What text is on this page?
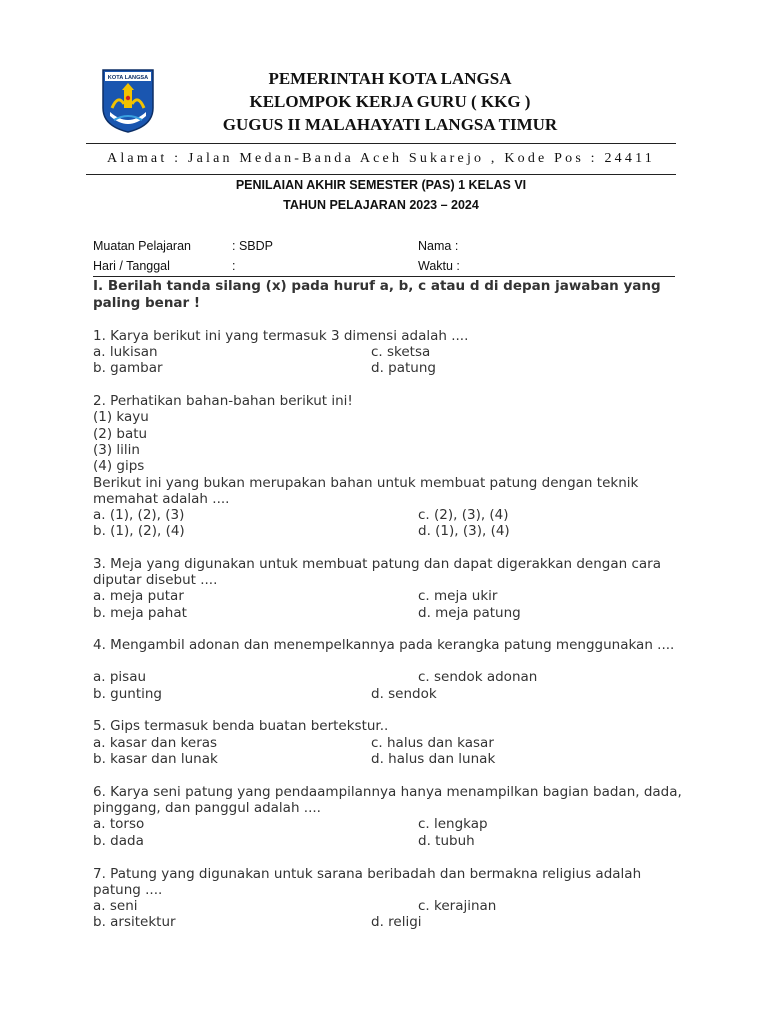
KOTA LANGSA	PEMERINTAH KOTA LANGSA
KELOMPOK KERJA GURU ( KKG )
GUGUS II MALAHAYATI LANGSA TIMUR
Alamat : Jalan Medan-Banda Aceh Sukarejo , Kode Pos : 24411
PENILAIAN AKHIR SEMESTER (PAS) 1 KELAS VI
TAHUN PELAJARAN 2023 – 2024
Muatan Pelajaran	: SBDP	Nama :
Hari / Tanggal	:	Waktu :
I. Berilah tanda silang (x) pada huruf a, b, c atau d di depan jawaban yang paling benar !
1. Karya berikut ini yang termasuk 3 dimensi adalah ....
a. lukisan	c. sketsa
b. gambar	d. patung
2. Perhatikan bahan-bahan berikut ini!
(1) kayu
(2) batu
(3) lilin
(4) gips
Berikut ini yang bukan merupakan bahan untuk membuat patung dengan teknik memahat adalah ....
a. (1), (2), (3)	c. (2), (3), (4)
b. (1), (2), (4)	d. (1), (3), (4)
3. Meja yang digunakan untuk membuat patung dan dapat digerakkan dengan cara diputar disebut ....
a. meja putar	c. meja ukir
b. meja pahat	d. meja patung
4. Mengambil adonan dan menempelkannya pada kerangka patung menggunakan ....
a. pisau	c. sendok adonan
b. gunting	d. sendok
5. Gips termasuk benda buatan bertekstur..
a. kasar dan keras	c. halus dan kasar
b. kasar dan lunak	d. halus dan lunak
6. Karya seni patung yang pendaampilannya hanya menampilkan bagian badan, dada, pinggang, dan panggul adalah ....
a. torso	c. lengkap
b. dada	d. tubuh
7. Patung yang digunakan untuk sarana beribadah dan bermakna religius adalah patung ....
a. seni	c. kerajinan
b. arsitektur	d. religi
